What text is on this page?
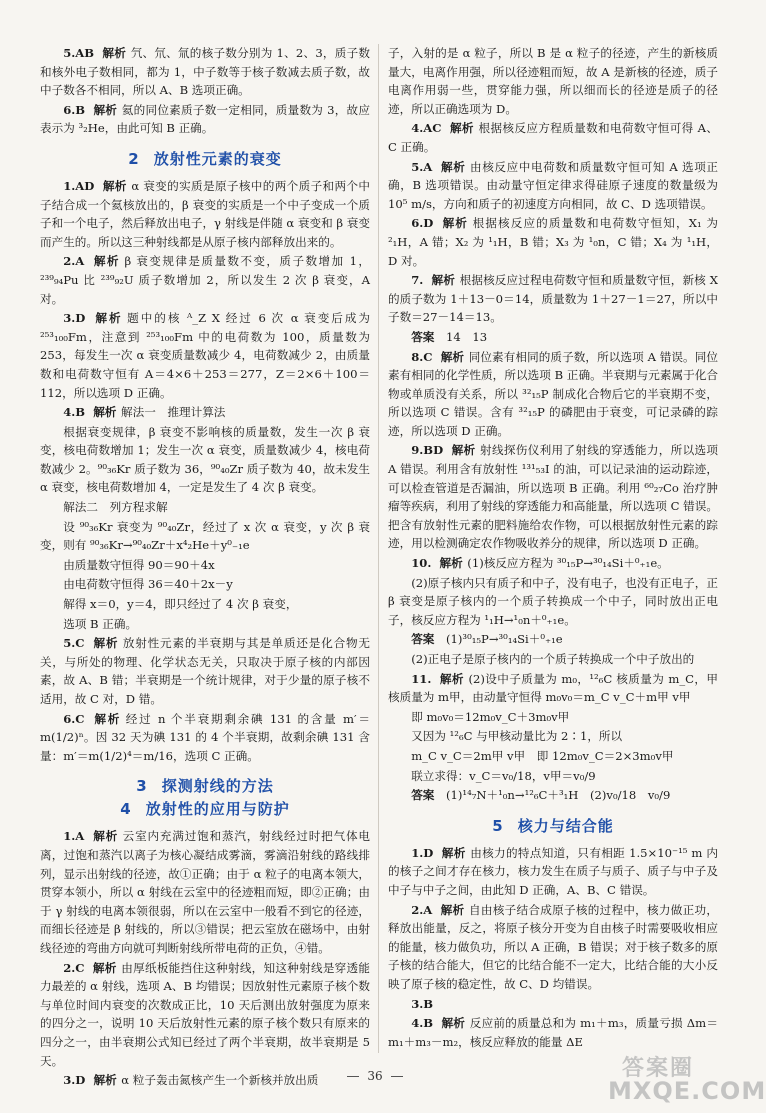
5.AB 解析 氕、氘、氚的核子数分别为 1、2、3，质子数和核外电子数相同，都为 1，中子数等于核子数减去质子数，故中子数各不相同，所以 A、B 选项正确。

6.B 解析 氦的同位素质子数一定相同，质量数为 3，故应表示为 ³₂He，由此可知 B 正确。

2 放射性元素的衰变

1.AD 解析 α 衰变的实质是原子核中的两个质子和两个中子结合成一个氦核放出的，β 衰变的实质是一个中子变成一个质子和一个电子，然后释放出电子，γ 射线是伴随 α 衰变和 β 衰变而产生的。所以这三种射线都是从原子核内部释放出来的。

2.A 解析 β 衰变规律是质量数不变，质子数增加 1，²³⁹₉₄Pu 比 ²³⁹₉₂U 质子数增加 2，所以发生 2 次 β 衰变，A 对。

3.D 解析 题中的核 ᴬ_Z X 经过 6 次 α 衰变后成为 ²⁵³₁₀₀Fm，注意到 ²⁵³₁₀₀Fm 中的电荷数为 100，质量数为 253，每发生一次 α 衰变质量数减少 4，电荷数减少 2，由质量数和电荷数守恒有 A＝4×6＋253＝277，Z＝2×6＋100＝112，所以选项 D 正确。

4.B 解析 解法一　推理计算法

根据衰变规律，β 衰变不影响核的质量数，发生一次 β 衰变，核电荷数增加 1；发生一次 α 衰变，质量数减少 4，核电荷数减少 2。⁹⁰₃₆Kr 质子数为 36，⁹⁰₄₀Zr 质子数为 40，故未发生 α 衰变，核电荷数增加 4，一定是发生了 4 次 β 衰变。

解法二　列方程求解

设 ⁹⁰₃₆Kr 衰变为 ⁹⁰₄₀Zr，经过了 x 次 α 衰变，y 次 β 衰变，则有 ⁹⁰₃₆Kr→⁹⁰₄₀Zr＋x⁴₂He＋y⁰₋₁e

由质量数守恒得 90＝90＋4x

由电荷数守恒得 36＝40＋2x－y

解得 x＝0，y＝4，即只经过了 4 次 β 衰变，

选项 B 正确。

5.C 解析 放射性元素的半衰期与其是单质还是化合物无关，与所处的物理、化学状态无关，只取决于原子核的内部因素，故 A、B 错；半衰期是一个统计规律，对于少量的原子核不适用，故 C 对，D 错。

6.C 解析 经过 n 个半衰期剩余碘 131 的含量 m′＝m(1/2)ⁿ。因 32 天为碘 131 的 4 个半衰期，故剩余碘 131 含量：m′＝m(1/2)⁴＝m/16，选项 C 正确。

3 探测射线的方法
4 放射性的应用与防护

1.A 解析 云室内充满过饱和蒸汽，射线经过时把气体电离，过饱和蒸汽以离子为核心凝结成雾滴，雾滴沿射线的路线排列，显示出射线的径迹，故①正确；由于 α 粒子的电离本领大，贯穿本领小，所以 α 射线在云室中的径迹粗而短，即②正确；由于 γ 射线的电离本领很弱，所以在云室中一般看不到它的径迹，而细长径迹是 β 射线的，所以③错误；把云室放在磁场中，由射线径迹的弯曲方向就可判断射线所带电荷的正负，④错。

2.C 解析 由厚纸板能挡住这种射线，知这种射线是穿透能力最差的 α 射线，选项 A、B 均错误；因放射性元素原子核个数与单位时间内衰变的次数成正比，10 天后测出放射强度为原来的四分之一，说明 10 天后放射性元素的原子核个数只有原来的四分之一，由半衰期公式知已经过了两个半衰期，故半衰期是 5 天。

3.D 解析 α 粒子轰击氮核产生一个新核并放出质

子，入射的是 α 粒子，所以 B 是 α 粒子的径迹，产生的新核质量大，电离作用强，所以径迹粗而短，故 A 是新核的径迹，质子电离作用弱一些，贯穿能力强，所以细而长的径迹是质子的径迹，所以正确选项为 D。

4.AC 解析 根据核反应方程质量数和电荷数守恒可得 A、C 正确。

5.A 解析 由核反应中电荷数和质量数守恒可知 A 选项正确，B 选项错误。由动量守恒定律求得硅原子速度的数量级为 10⁵ m/s，方向和质子的初速度方向相同，故 C、D 选项错误。

6.D 解析 根据核反应的质量数和电荷数守恒知，X₁ 为 ²₁H，A 错；X₂ 为 ¹₁H，B 错；X₃ 为 ¹₀n，C 错；X₄ 为 ¹₁H，D 对。

7. 解析 根据核反应过程电荷数守恒和质量数守恒，新核 X 的质子数为 1＋13－0＝14，质量数为 1＋27－1＝27，所以中子数＝27－14＝13。

答案　 14　13

8.C 解析 同位素有相同的质子数，所以选项 A 错误。同位素有相同的化学性质，所以选项 B 正确。半衰期与元素属于化合物或单质没有关系，所以 ³²₁₅P 制成化合物后它的半衰期不变，所以选项 C 错误。含有 ³²₁₅P 的磷肥由于衰变，可记录磷的踪迹，所以选项 D 正确。

9.BD 解析 射线探伤仪利用了射线的穿透能力，所以选项 A 错误。利用含有放射性 ¹³¹₅₃I 的油，可以记录油的运动踪迹，可以检查管道是否漏油，所以选项 B 正确。利用 ⁶⁰₂₇Co 治疗肿瘤等疾病，利用了射线的穿透能力和高能量，所以选项 C 错误。把含有放射性元素的肥料施给农作物，可以根据放射性元素的踪迹，用以检测确定农作物吸收养分的规律，所以选项 D 正确。

10. 解析 (1)核反应方程为 ³⁰₁₅P→³⁰₁₄Si＋⁰₊₁e。

(2)原子核内只有质子和中子，没有电子，也没有正电子，正 β 衰变是原子核内的一个质子转换成一个中子，同时放出正电子，核反应方程为 ¹₁H→¹₀n＋⁰₊₁e。

答案　 (1)³⁰₁₅P→³⁰₁₄Si＋⁰₊₁e

(2)正电子是原子核内的一个质子转换成一个中子放出的

11. 解析 (2)设中子质量为 m₀，¹²₆C 核质量为 m_C，甲核质量为 m甲，由动量守恒得 m₀v₀＝m_C v_C＋m甲 v甲

即 m₀v₀＝12m₀v_C＋3m₀v甲

又因为 ¹²₆C 与甲核动量比为 2∶1，所以

m_C v_C＝2m甲 v甲　即 12m₀v_C＝2×3m₀v甲

联立求得：v_C＝v₀/18，v甲＝v₀/9

答案　 (1)¹⁴₇N＋¹₀n→¹²₆C＋³₁H　(2)v₀/18　v₀/9

5 核力与结合能

1.D 解析 由核力的特点知道，只有相距 1.5×10⁻¹⁵ m 内的核子之间才存在核力，核力发生在质子与质子、质子与中子及中子与中子之间，由此知 D 正确，A、B、C 错误。

2.A 解析 自由核子结合成原子核的过程中，核力做正功，释放出能量，反之，将原子核分开变为自由核子时需要吸收相应的能量，核力做负功，所以 A 正确，B 错误；对于核子数多的原子核的结合能大，但它的比结合能不一定大，比结合能的大小反映了原子核的稳定性，故 C、D 均错误。

3.B

4.B 解析 反应前的质量总和为 m₁＋m₃，质量亏损 Δm＝m₁＋m₃－m₂，核反应释放的能量 ΔE

36	答案圈
MXQE.COM
